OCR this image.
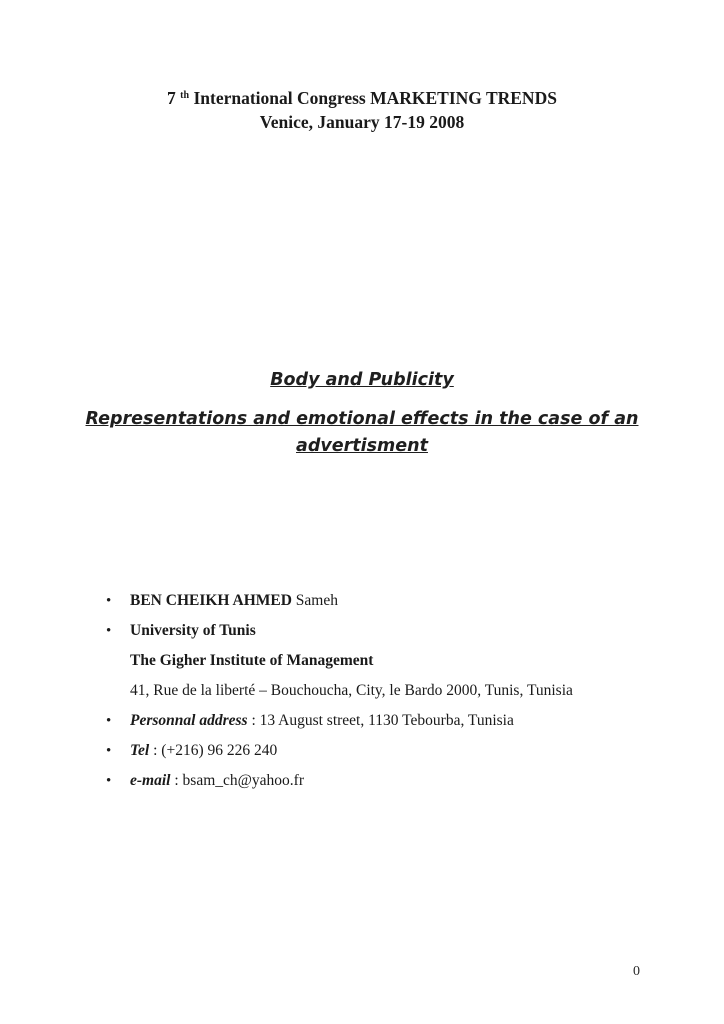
7 $^{th}$ International Congress MARKETING TRENDS
Venice, January 17-19 2008
Body and Publicity
Representations and emotional effects in the case of an advertisment
• BEN CHEIKH AHMED Sameh
• University of Tunis
The Gigher Institute of Management
41, Rue de la liberté – Bouchoucha, City, le Bardo 2000, Tunis, Tunisia
• Personnal address : 13 August street, 1130 Tebourba, Tunisia
• Tel : (+216) 96 226 240
• e-mail : bsam_ch@yahoo.fr
0
